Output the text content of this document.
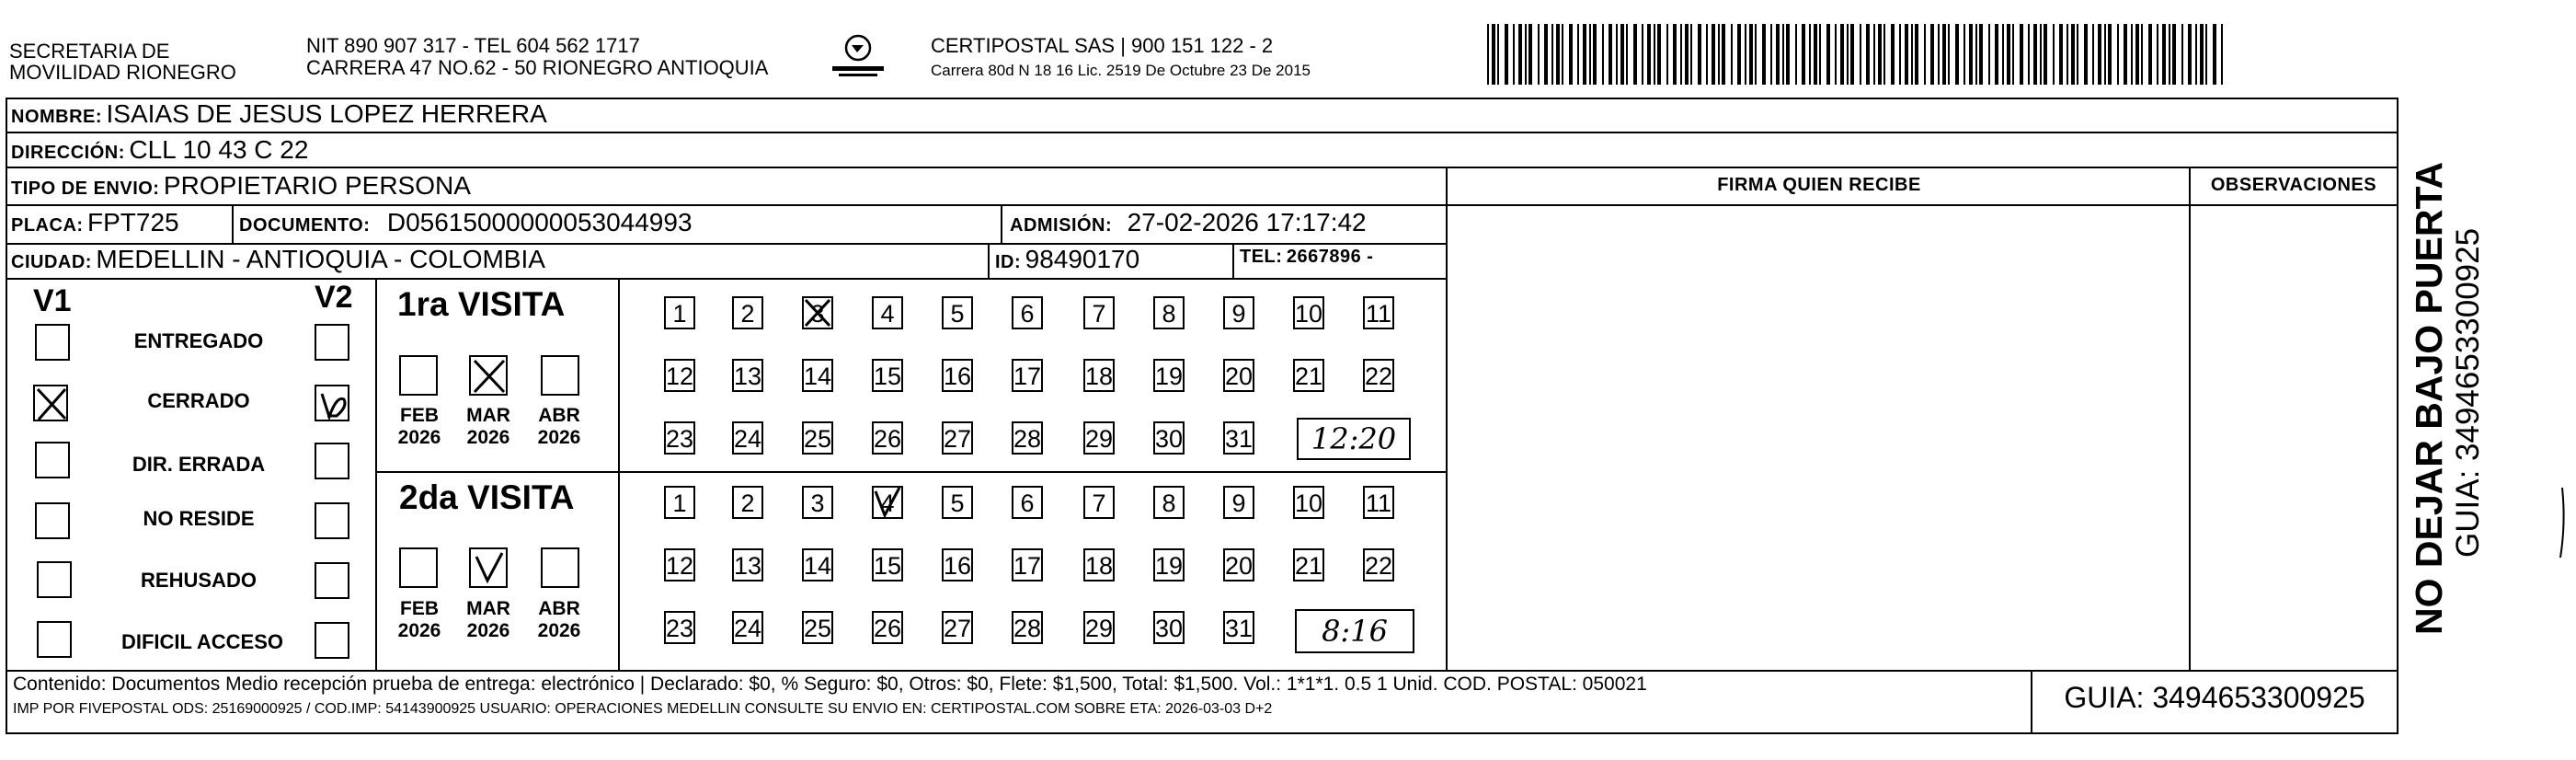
SECRETARIA DE
MOVILIDAD RIONEGRO
NIT 890 907 317 - TEL 604 562 1717
CARRERA 47 NO.62 - 50 RIONEGRO ANTIOQUIA
CERTIPOSTAL SAS | 900 151 122 - 2
Carrera 80d N 18 16 Lic. 2519 De Octubre 23 De 2015
NOMBRE: ISAIAS DE JESUS LOPEZ HERRERA
DIRECCIÓN: CLL 10 43 C 22
TIPO DE ENVIO: PROPIETARIO PERSONA	FIRMA QUIEN RECIBE	OBSERVACIONES
PLACA: FPT725	DOCUMENTO: D05615000000053044993	ADMISIÓN: 27-02-2026 17:17:42
CIUDAD: MEDELLIN - ANTIOQUIA - COLOMBIA	ID: 98490170	TEL: 2667896 -
V1	V2
ENTREGADO
CERRADO
DIR. ERRADA
NO RESIDE
REHUSADO
DIFICIL ACCESO
1ra VISITA
FEB
2026
MAR
2026
ABR
2026
2da VISITA
FEB
2026
MAR
2026
ABR
2026
1	2	3	4	5	6	7	8	9	10 11
12 13 14 15 16 17 18 19 20 21 22
23 24 25 26 27 28 29 30 31
1	2	3	4	5	6	7	8	9	10 11
12 13 14 15 16 17 18 19 20 21 22
23 24 25 26 27 28 29 30 31
12:20
8:16
Contenido: Documentos Medio recepción prueba de entrega: electrónico | Declarado: $0, % Seguro: $0, Otros: $0, Flete: $1,500, Total: $1,500. Vol.: 1*1*1. 0.5 1 Unid. COD. POSTAL: 050021
IMP POR FIVEPOSTAL ODS: 25169000925 / COD.IMP: 54143900925 USUARIO: OPERACIONES MEDELLIN CONSULTE SU ENVIO EN: CERTIPOSTAL.COM SOBRE ETA: 2026-03-03 D+2	GUIA: 3494653300925
NO DEJAR BAJO PUERTA GUIA: 3494653300925
